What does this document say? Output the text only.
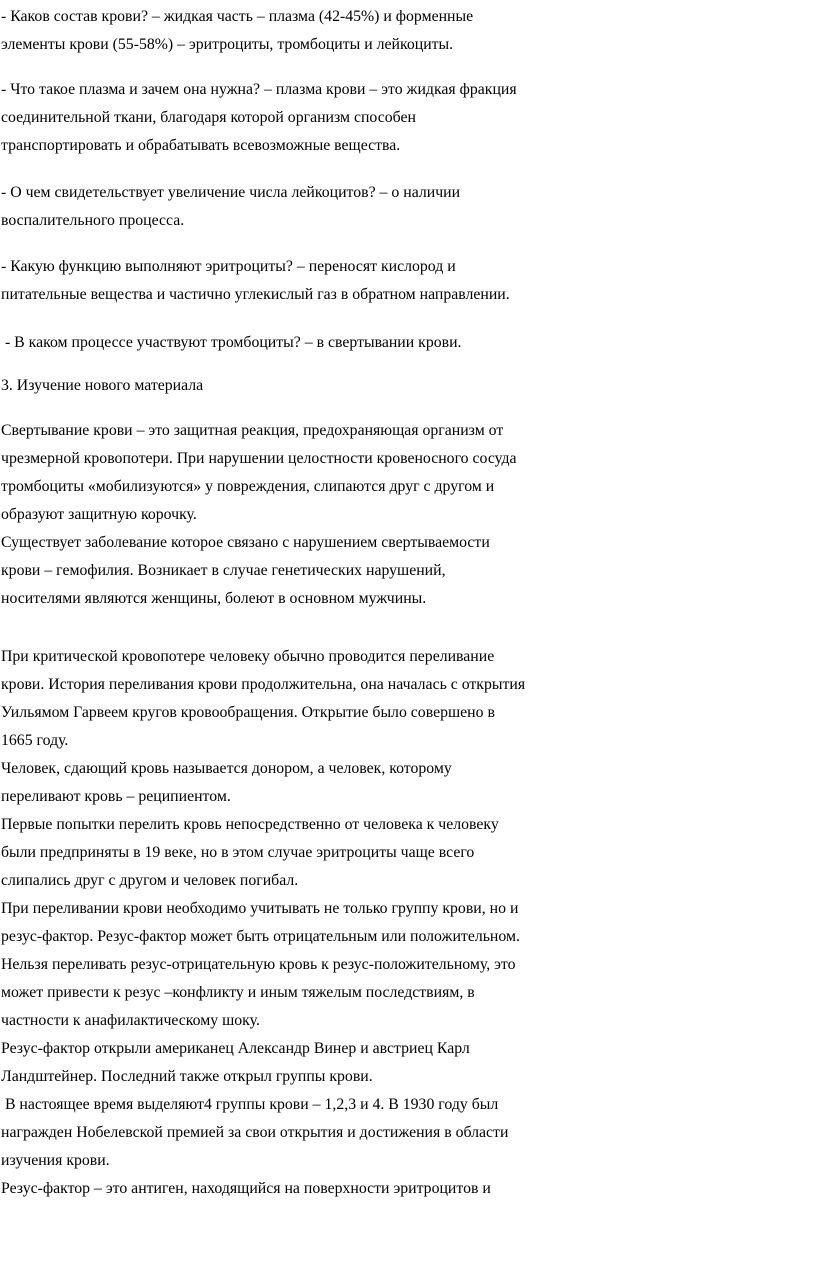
- Каков состав крови? – жидкая часть – плазма (42-45%) и форменные
элементы крови (55-58%) – эритроциты, тромбоциты и лейкоциты.
- Что такое плазма и зачем она нужна? – плазма крови – это жидкая фракция
соединительной ткани, благодаря которой организм способен
транспортировать и обрабатывать всевозможные вещества.
- О чем свидетельствует увеличение числа лейкоцитов? – о наличии
воспалительного процесса.
- Какую функцию выполняют эритроциты? – переносят кислород и
питательные вещества и частично углекислый газ в обратном направлении.
- В каком процессе участвуют тромбоциты? – в свертывании крови.
3. Изучение нового материала
Свертывание крови – это защитная реакция, предохраняющая организм от
чрезмерной кровопотери. При нарушении целостности кровеносного сосуда
тромбоциты «мобилизуются» у повреждения, слипаются друг с другом и
образуют защитную корочку.
Существует заболевание которое связано с нарушением свертываемости
крови – гемофилия. Возникает в случае генетических нарушений,
носителями являются женщины, болеют в основном мужчины.
При критической кровопотере человеку обычно проводится переливание
крови. История переливания крови продолжительна, она началась с открытия
Уильямом Гарвеем кругов кровообращения. Открытие было совершено в
1665 году.
Человек, сдающий кровь называется донором, а человек, которому
переливают кровь – реципиентом.
Первые попытки перелить кровь непосредственно от человека к человеку
были предприняты в 19 веке, но в этом случае эритроциты чаще всего
слипались друг с другом и человек погибал.
При переливании крови необходимо учитывать не только группу крови, но и
резус-фактор. Резус-фактор может быть отрицательным или положительном.
Нельзя переливать резус-отрицательную кровь к резус-положительному, это
может привести к резус –конфликту и иным тяжелым последствиям, в
частности к анафилактическому шоку.
Резус-фактор открыли американец Александр Винер и австриец Карл
Ландштейнер. Последний также открыл группы крови.
В настоящее время выделяют4 группы крови – 1,2,3 и 4. В 1930 году был
награжден Нобелевской премией за свои открытия и достижения в области
изучения крови.
Резус-фактор – это антиген, находящийся на поверхности эритроцитов и
